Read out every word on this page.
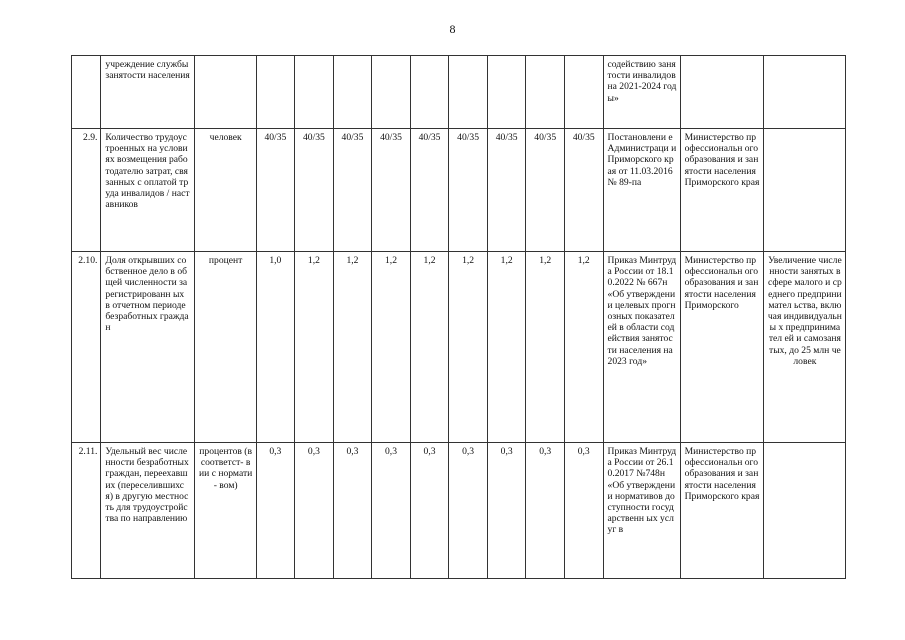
8
	учреждение службы занятости населения											содействию занятости инвалидов на 2021-2024 годы»		
2.9.	Количество трудоустроенных на условиях возмещения работодателю затрат, связанных с оплатой труда инвалидов / наставников	человек	40/35	40/35	40/35	40/35	40/35	40/35	40/35	40/35	40/35	Постановлени е Администраци и Приморского края от 11.03.2016 № 89-па	Министерство профессиональн ого образования и занятости населения Приморского края	
2.10.	Доля открывших собственное дело в общей численности зарегистрированн ых в отчетном периоде безработных граждан	процент	1,0	1,2	1,2	1,2	1,2	1,2	1,2	1,2	1,2	Приказ Минтруда России от 18.10.2022 № 667н «Об утверждении целевых прогнозных показателей в области содействия занятости населения на 2023 год»	Министерство профессиональн ого образования и занятости населения Приморского	Увеличение численности занятых в сфере малого и среднего предпринимател ьства, включая индивидуальны х предпринимател ей и самозанятых, до 25 млн человек
2.11.	Удельный вес численности безработных граждан, переехавших (переселившихся) в другую местность для трудоустройства по направлению	процентов (в соответст- вии с нормати- вом)	0,3	0,3	0,3	0,3	0,3	0,3	0,3	0,3	0,3	Приказ Минтруда России от 26.10.2017 №748н «Об утверждении нормативов доступности государственн ых услуг в	Министерство профессиональн ого образования и занятости населения Приморского края	
